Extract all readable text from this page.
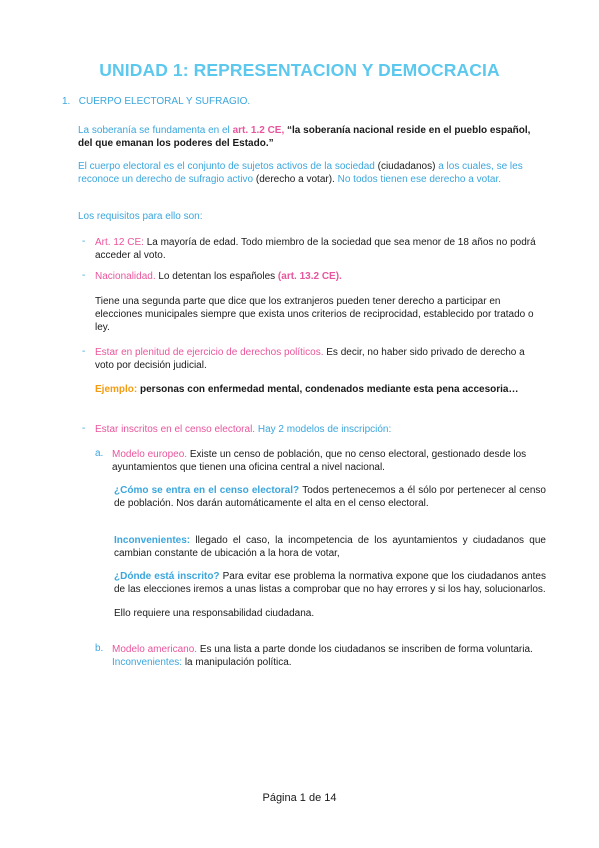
UNIDAD 1: REPRESENTACION Y DEMOCRACIA
1. CUERPO ELECTORAL Y SUFRAGIO.
La soberanía se fundamenta en el art. 1.2 CE, “la soberanía nacional reside en el pueblo español, del que emanan los poderes del Estado.”
El cuerpo electoral es el conjunto de sujetos activos de la sociedad (ciudadanos) a los cuales, se les reconoce un derecho de sufragio activo (derecho a votar). No todos tienen ese derecho a votar.
Los requisitos para ello son:
- Art. 12 CE: La mayoría de edad. Todo miembro de la sociedad que sea menor de 18 años no podrá acceder al voto.
- Nacionalidad. Lo detentan los españoles (art. 13.2 CE).
Tiene una segunda parte que dice que los extranjeros pueden tener derecho a participar en elecciones municipales siempre que exista unos criterios de reciprocidad, establecido por tratado o ley.
- Estar en plenitud de ejercicio de derechos políticos. Es decir, no haber sido privado de derecho a voto por decisión judicial.
Ejemplo: personas con enfermedad mental, condenados mediante esta pena accesoria…
- Estar inscritos en el censo electoral. Hay 2 modelos de inscripción:
a. Modelo europeo. Existe un censo de población, que no censo electoral, gestionado desde los ayuntamientos que tienen una oficina central a nivel nacional.
¿Cómo se entra en el censo electoral? Todos pertenecemos a él sólo por pertenecer al censo de población. Nos darán automáticamente el alta en el censo electoral.
Inconvenientes: llegado el caso, la incompetencia de los ayuntamientos y ciudadanos que cambian constante de ubicación a la hora de votar,
¿Dónde está inscrito? Para evitar ese problema la normativa expone que los ciudadanos antes de las elecciones iremos a unas listas a comprobar que no hay errores y si los hay, solucionarlos.
Ello requiere una responsabilidad ciudadana.
b. Modelo americano. Es una lista a parte donde los ciudadanos se inscriben de forma voluntaria. Inconvenientes: la manipulación política.
Página 1 de 14
